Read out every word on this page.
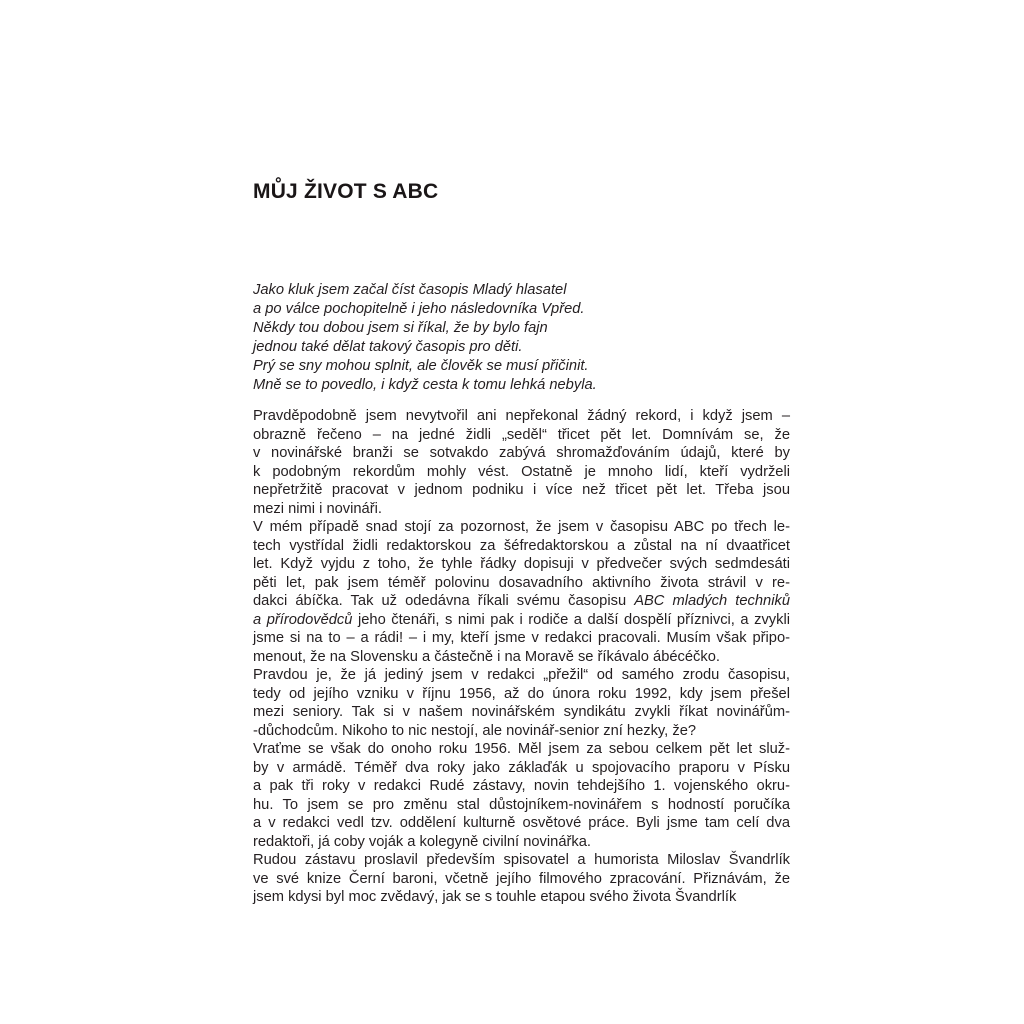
MŮJ ŽIVOT S ABC
Jako kluk jsem začal číst časopis Mladý hlasatel
a po válce pochopitelně i jeho následovníka Vpřed.
Někdy tou dobou jsem si říkal, že by bylo fajn
jednou také dělat takový časopis pro děti.
Prý se sny mohou splnit, ale člověk se musí přičinit.
Mně se to povedlo, i když cesta k tomu lehká nebyla.
Pravděpodobně jsem nevytvořil ani nepřekonal žádný rekord, i když jsem –
obrazně řečeno – na jedné židli „seděl“ třicet pět let. Domnívám se, že
v novinářské branži se sotvakdo zabývá shromažďováním údajů, které by
k podobným rekordům mohly vést. Ostatně je mnoho lidí, kteří vydrželi
nepřetržitě pracovat v jednom podniku i více než třicet pět let. Třeba jsou
mezi nimi i novináři.
V mém případě snad stojí za pozornost, že jsem v časopisu ABC po třech le-
tech vystřídal židli redaktorskou za šéfredaktorskou a zůstal na ní dvaatřicet
let. Když vyjdu z toho, že tyhle řádky dopisuji v předvečer svých sedmdesáti
pěti let, pak jsem téměř polovinu dosavadního aktivního života strávil v re-
dakci ábíčka. Tak už odedávna říkali svému časopisu ABC mladých techniků
a přírodovědců jeho čtenáři, s nimi pak i rodiče a další dospělí příznivci, a zvykli
jsme si na to – a rádi! – i my, kteří jsme v redakci pracovali. Musím však připo-
menout, že na Slovensku a částečně i na Moravě se říkávalo ábécéčko.
Pravdou je, že já jediný jsem v redakci „přežil“ od samého zrodu časopisu,
tedy od jejího vzniku v říjnu 1956, až do února roku 1992, kdy jsem přešel
mezi seniory. Tak si v našem novinářském syndikátu zvykli říkat novinářům-
-důchodcům. Nikoho to nic nestojí, ale novinář-senior zní hezky, že?
Vraťme se však do onoho roku 1956. Měl jsem za sebou celkem pět let služ-
by v armádě. Téměř dva roky jako záklaďák u spojovacího praporu v Písku
a pak tři roky v redakci Rudé zástavy, novin tehdejšího 1. vojenského okru-
hu. To jsem se pro změnu stal důstojníkem-novinářem s hodností poručíka
a v redakci vedl tzv. oddělení kulturně osvětové práce. Byli jsme tam celí dva
redaktoři, já coby voják a kolegyně civilní novinářka.
Rudou zástavu proslavil především spisovatel a humorista Miloslav Švandrlík
ve své knize Černí baroni, včetně jejího filmového zpracování. Přiznávám, že
jsem kdysi byl moc zvědavý, jak se s touhle etapou svého života Švandrlík
